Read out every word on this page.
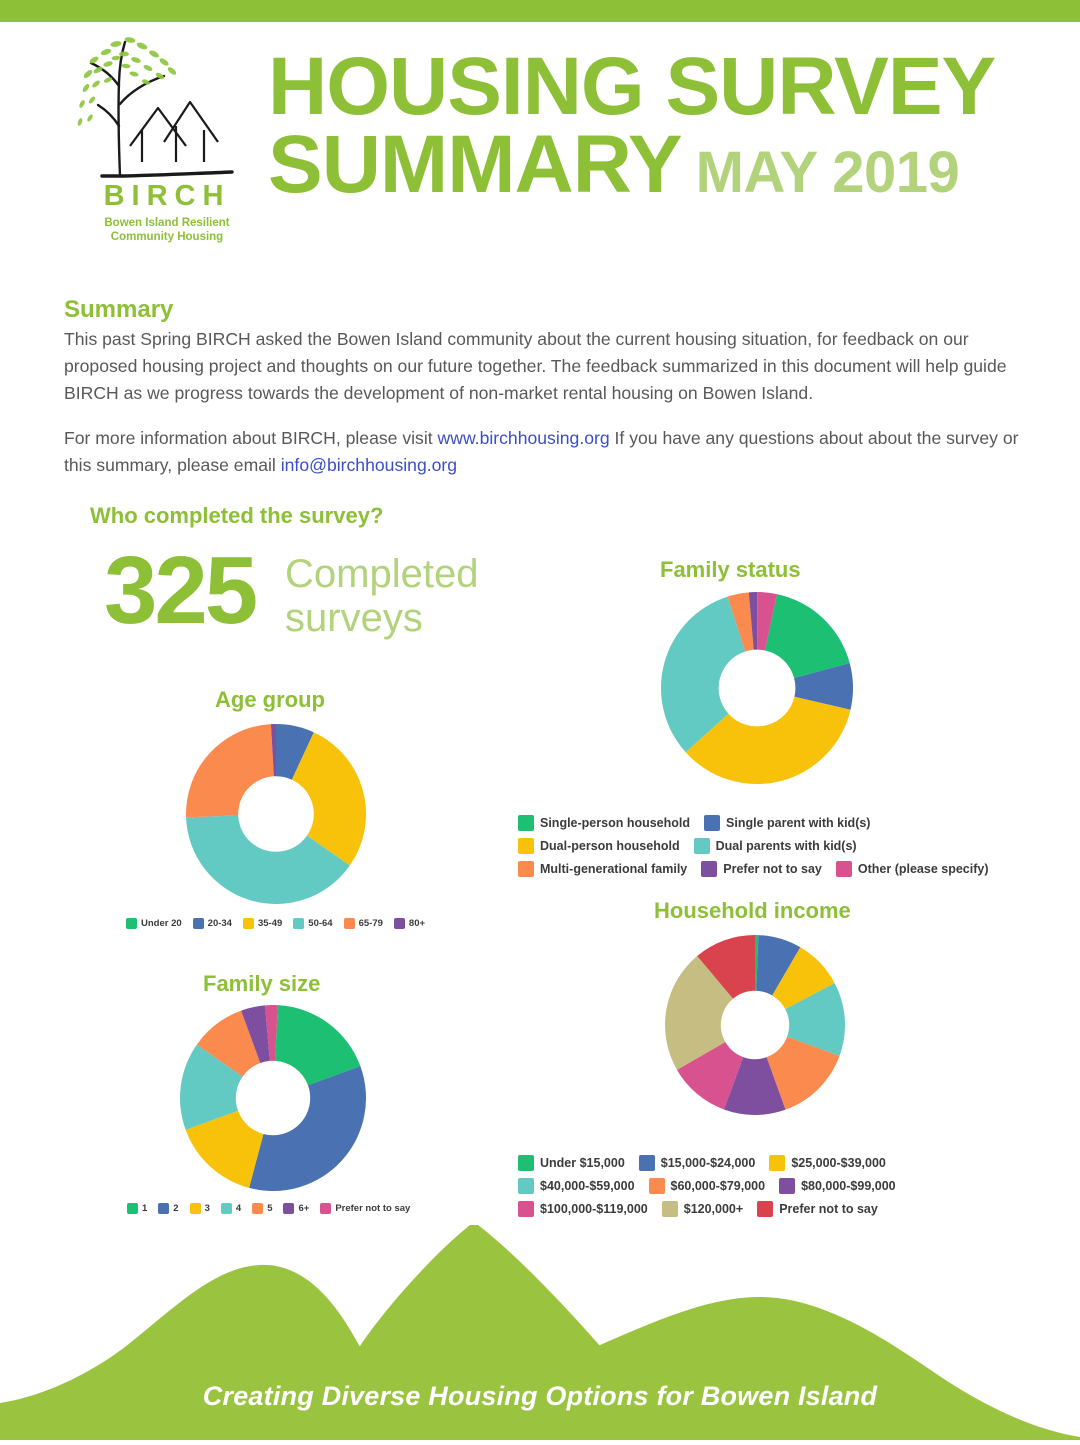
BIRCH
Bowen Island Resilient
Community Housing
HOUSING SURVEY
SUMMARY MAY 2019
Summary

This past Spring BIRCH asked the Bowen Island community about the current housing situation, for feedback on our proposed housing project and thoughts on our future together. The feedback summarized in this document will help guide BIRCH as we progress towards the development of non-market rental housing on Bowen Island.

For more information about BIRCH, please visit www.birchhousing.org If you have any questions about about the survey or this summary, please email info@birchhousing.org

Who completed the survey?
325 Completed surveys
Age group
Under 20	20-34	35-49	50-64	65-79	80+
Family status
Single-person household	Single parent with kid(s)
Dual-person household	Dual parents with kid(s)
Multi-generational family	Prefer not to say	Other (please specify)
Family size
1	2	3	4	5	6+	Prefer not to say
Household income
Under $15,000	$15,000-$24,000	$25,000-$39,000
$40,000-$59,000	$60,000-$79,000	$80,000-$99,000
$100,000-$119,000	$120,000+	Prefer not to say
Creating Diverse Housing Options for Bowen Island	1
